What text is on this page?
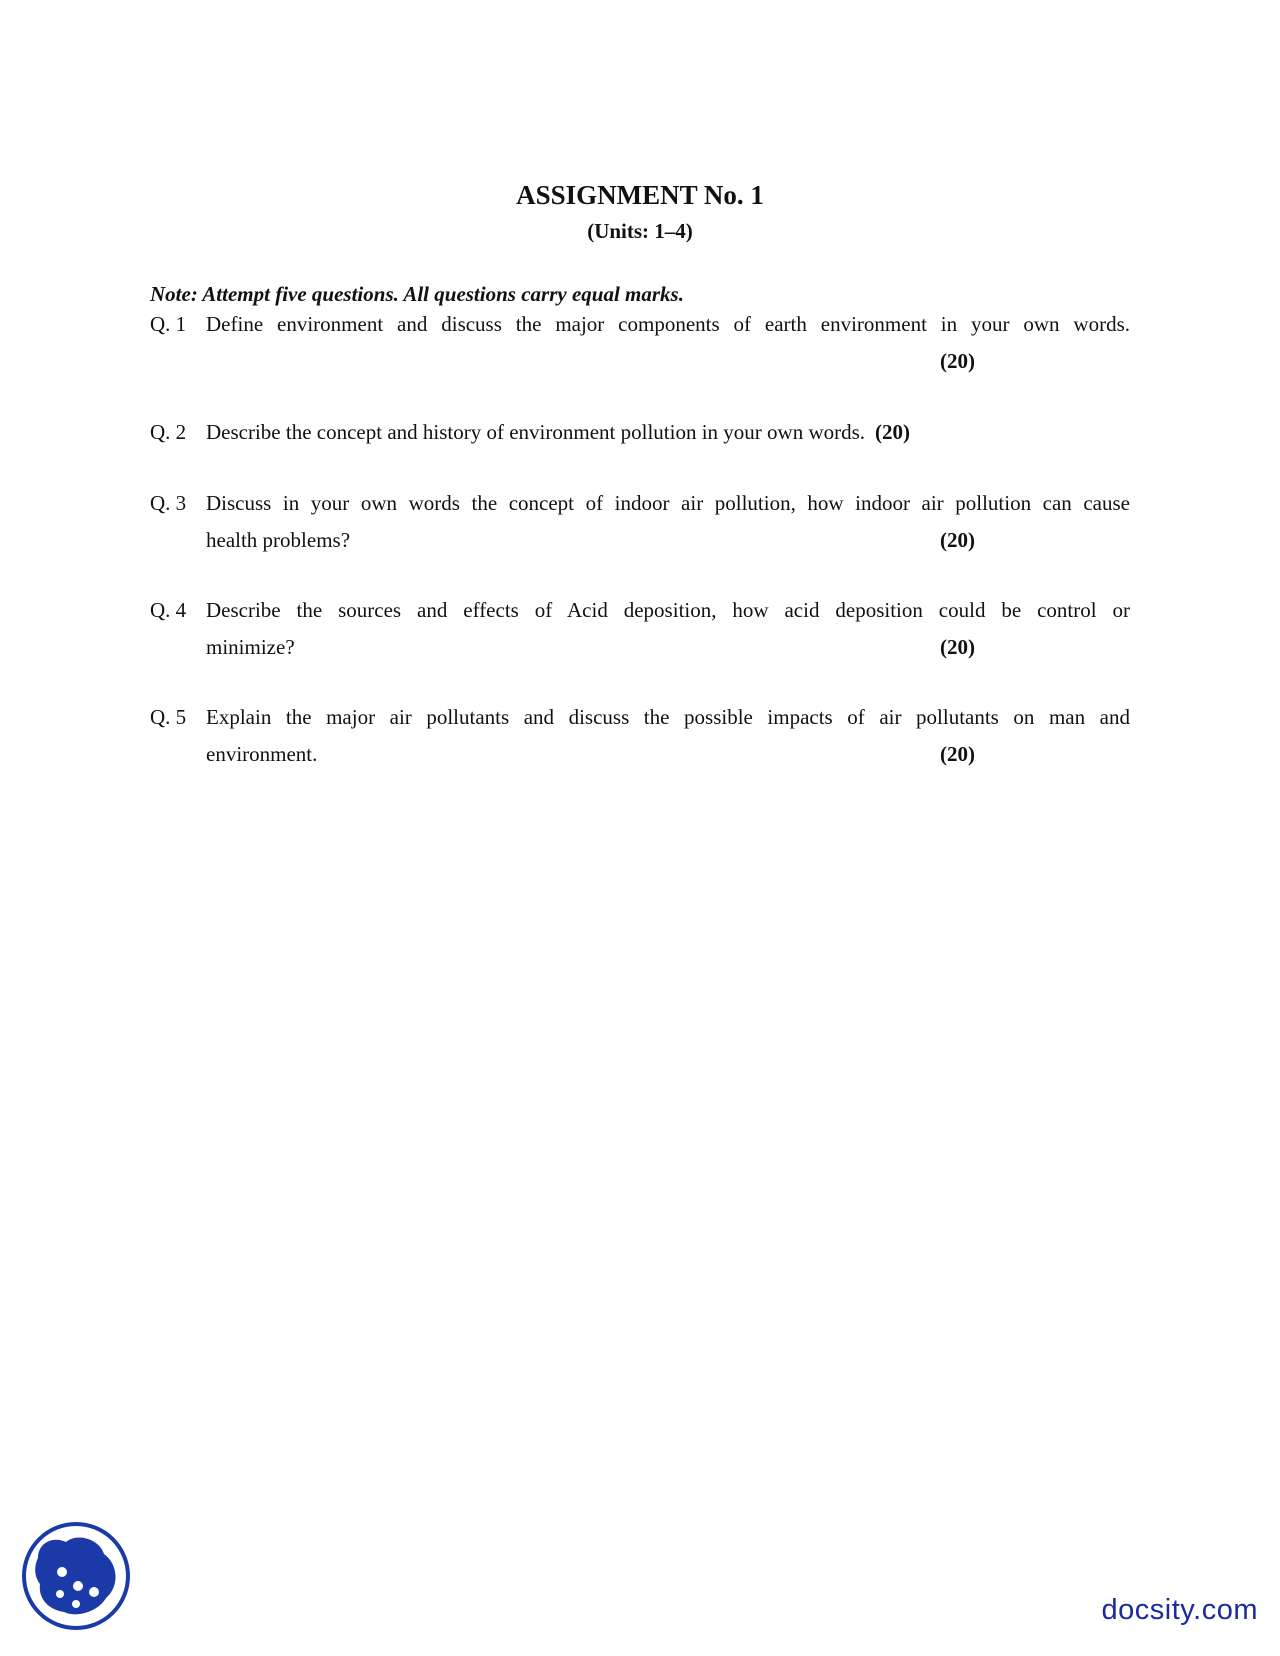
ASSIGNMENT No. 1
(Units: 1–4)
Note: Attempt five questions. All questions carry equal marks.
Q. 1 Define environment and discuss the major components of earth environment in your own words.
(20)
Q. 2 Describe the concept and history of environment pollution in your own words. (20)
Q. 3 Discuss in your own words the concept of indoor air pollution, how indoor air pollution can cause
health problems?	(20)
Q. 4 Describe the sources and effects of Acid deposition, how acid deposition could be control or
minimize?	(20)
Q. 5 Explain the major air pollutants and discuss the possible impacts of air pollutants on man and
environment.	(20)
docsity.com
